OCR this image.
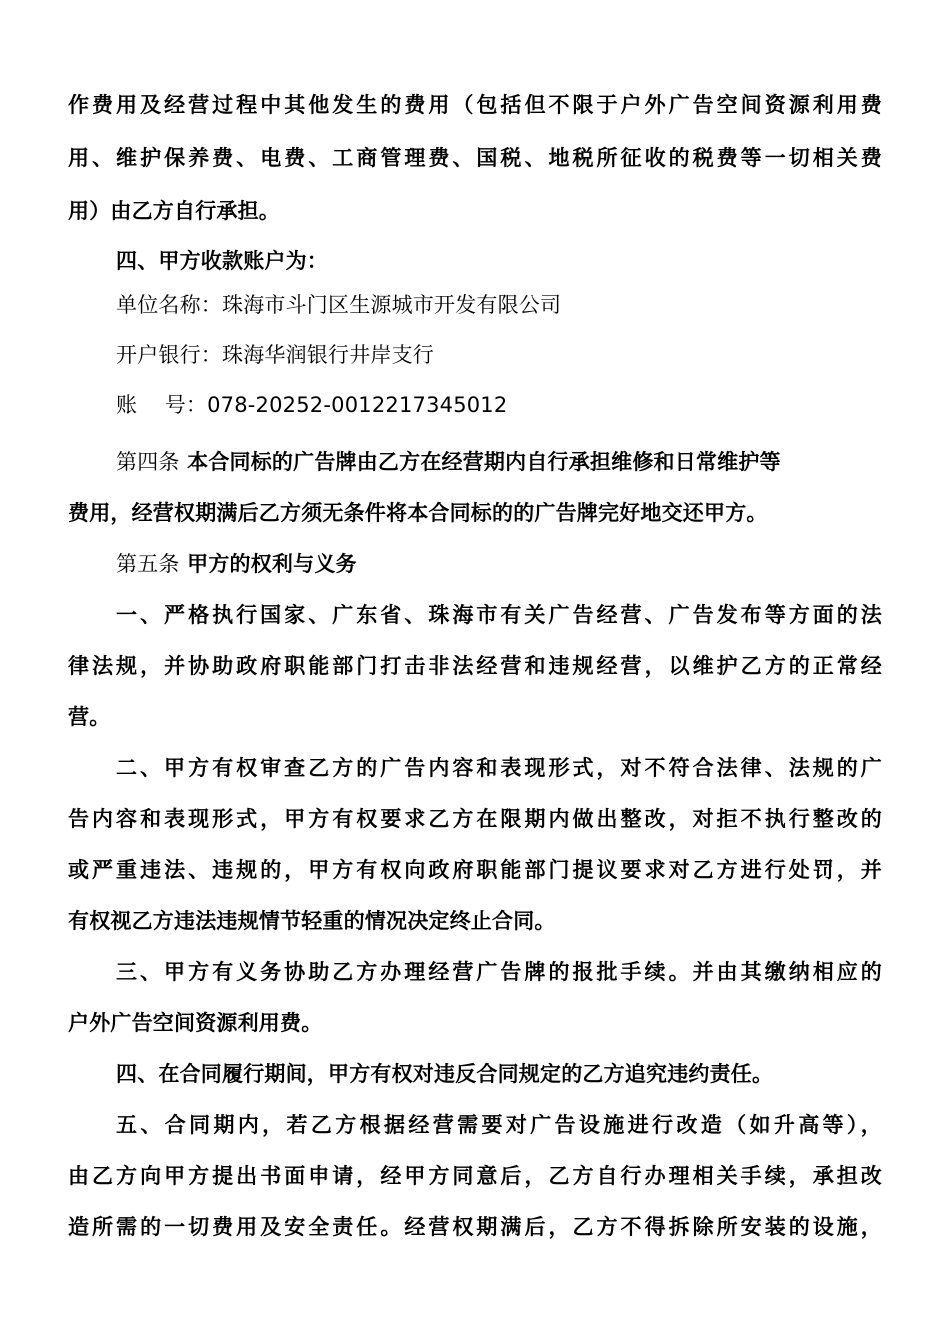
作费用及经营过程中其他发生的费用（包括但不限于户外广告空间资源利用费
用、维护保养费、电费、工商管理费、国税、地税所征收的税费等一切相关费
用）由乙方自行承担。
四、甲方收款账户为：
单位名称：珠海市斗门区生源城市开发有限公司
开户银行：珠海华润银行井岸支行
账    号：078-20252-0012217345012
第四条 本合同标的广告牌由乙方在经营期内自行承担维修和日常维护等
费用，经营权期满后乙方须无条件将本合同标的的广告牌完好地交还甲方。
第五条 甲方的权利与义务
一、严格执行国家、广东省、珠海市有关广告经营、广告发布等方面的法
律法规，并协助政府职能部门打击非法经营和违规经营，以维护乙方的正常经
营。
二、甲方有权审查乙方的广告内容和表现形式，对不符合法律、法规的广
告内容和表现形式，甲方有权要求乙方在限期内做出整改，对拒不执行整改的
或严重违法、违规的，甲方有权向政府职能部门提议要求对乙方进行处罚，并
有权视乙方违法违规情节轻重的情况决定终止合同。
三、甲方有义务协助乙方办理经营广告牌的报批手续。并由其缴纳相应的
户外广告空间资源利用费。
四、在合同履行期间，甲方有权对违反合同规定的乙方追究违约责任。
五、合同期内，若乙方根据经营需要对广告设施进行改造（如升高等），
由乙方向甲方提出书面申请，经甲方同意后，乙方自行办理相关手续，承担改
造所需的一切费用及安全责任。经营权期满后，乙方不得拆除所安装的设施，
